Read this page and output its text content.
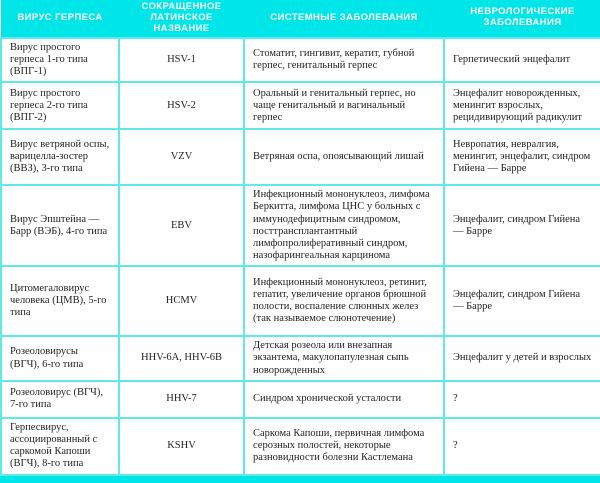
ВИРУС ГЕРПЕСА	СОКРАЩЕННОЕ ЛАТИНСКОЕ НАЗВАНИЕ	СИСТЕМНЫЕ ЗАБОЛЕВАНИЯ	НЕВРОЛОГИЧЕСКИЕ ЗАБОЛЕВАНИЯ
Вирус простого герпеса 1-го типа (ВПГ-1)	HSV-1	Стоматит, гингивит, кератит, губной герпес, генитальный герпес	Герпетический энцефалит
Вирус простого герпеса 2-го типа (ВПГ-2)	HSV-2	Оральный и генитальный герпес, но чаще генитальный и вагинальный герпес	Энцефалит новорожденных, менингит взрослых, рецидивирующий радикулит
Вирус ветряной оспы, варицелла-зостер (ВВЗ), 3-го типа	VZV	Ветряная оспа, опоясывающий лишай	Невропатия, невралгия, менингит, энцефалит, синдром Гийена — Барре
Вирус Эпштейна — Барр (ВЭБ), 4-го типа	EBV	Инфекционный мононуклеоз, лимфома Беркитта, лимфома ЦНС у больных с иммунодефицитным синдромом, посттрансплантантный лимфопролиферативный синдром, назофарингеальная карцинома	Энцефалит, синдром Гийена — Барре
Цитомегаловирус человека (ЦМВ), 5-го типа	HCMV	Инфекционный мононуклеоз, ретинит, гепатит, увеличение органов брюшной полости, воспаление слюнных желез (так называемое слюнотечение)	Энцефалит, синдром Гийена — Барре
Розеоловирусы (ВГЧ), 6-го типа	HHV-6A, HHV-6B	Детская розеола или внезапная экзантема, макулопапулезная сыпь новорожденных	Энцефалит у детей и взрослых
Розеоловирус (ВГЧ), 7-го типа	HHV-7	Синдром хронической усталости	?
Герпесвирус, ассоциированный с саркомой Капоши (ВГЧ), 8-го типа	KSHV	Саркома Капоши, первичная лимфома серозных полостей, некоторые разновидности болезни Кастлемана	?
